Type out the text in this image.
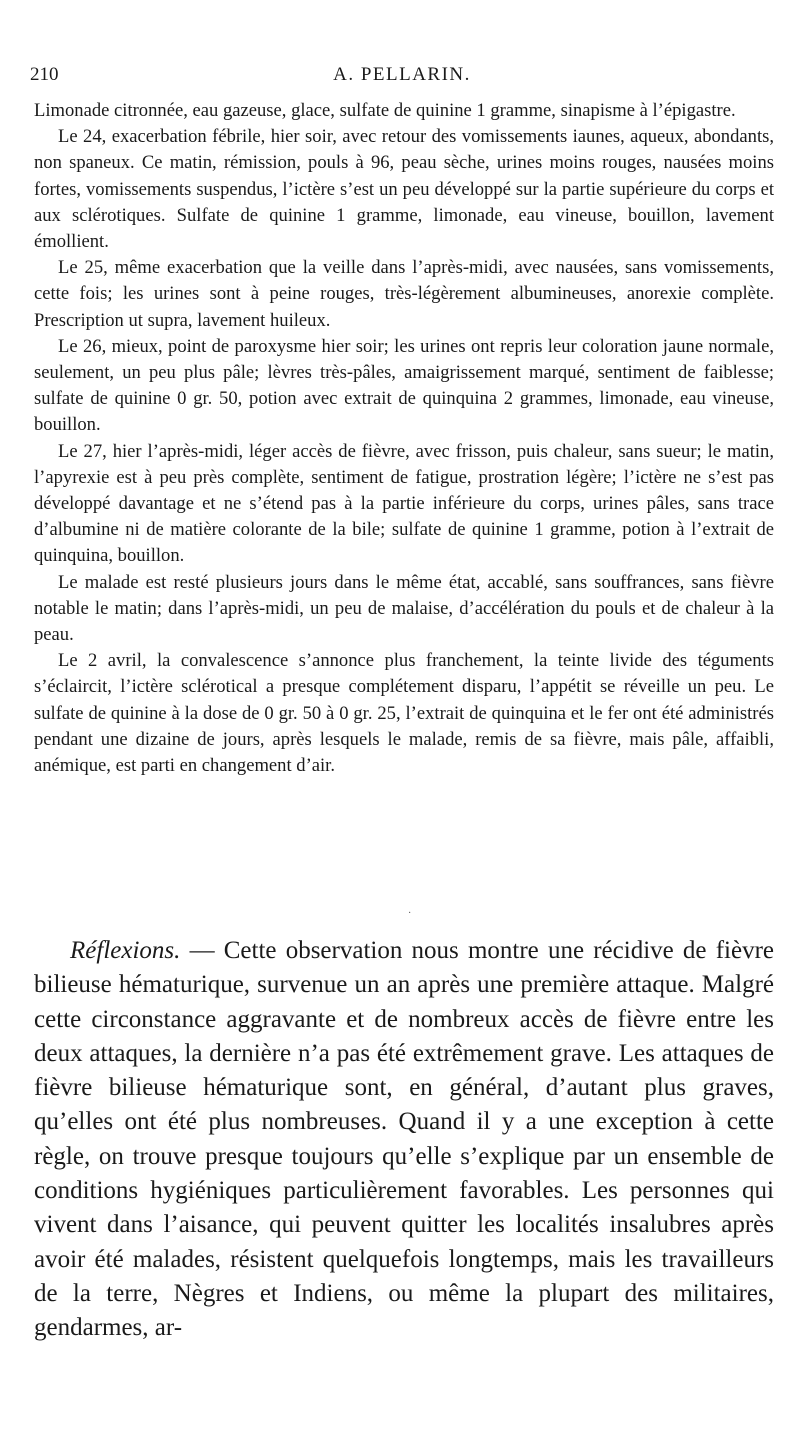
210	A. PELLARIN.

Limonade citronnée, eau gazeuse, glace, sulfate de quinine 1 gramme, sinapisme à l’épigastre.

Le 24, exacerbation fébrile, hier soir, avec retour des vomissements iaunes, aqueux, abondants, non spaneux. Ce matin, rémission, pouls à 96, peau sèche, urines moins rouges, nausées moins fortes, vomissements suspendus, l’ictère s’est un peu développé sur la partie supérieure du corps et aux sclérotiques. Sulfate de quinine 1 gramme, limonade, eau vineuse, bouillon, lavement émollient.

Le 25, même exacerbation que la veille dans l’après-midi, avec nausées, sans vomissements, cette fois; les urines sont à peine rouges, très-légèrement albumineuses, anorexie complète. Prescription ut supra, lavement huileux.

Le 26, mieux, point de paroxysme hier soir; les urines ont repris leur coloration jaune normale, seulement, un peu plus pâle; lèvres très-pâles, amaigrissement marqué, sentiment de faiblesse; sulfate de quinine 0 gr. 50, potion avec extrait de quinquina 2 grammes, limonade, eau vineuse, bouillon.

Le 27, hier l’après-midi, léger accès de fièvre, avec frisson, puis chaleur, sans sueur; le matin, l’apyrexie est à peu près complète, sentiment de fatigue, prostration légère; l’ictère ne s’est pas développé davantage et ne s’étend pas à la partie inférieure du corps, urines pâles, sans trace d’albumine ni de matière colorante de la bile; sulfate de quinine 1 gramme, potion à l’extrait de quinquina, bouillon.

Le malade est resté plusieurs jours dans le même état, accablé, sans souffrances, sans fièvre notable le matin; dans l’après-midi, un peu de malaise, d’accélération du pouls et de chaleur à la peau.

Le 2 avril, la convalescence s’annonce plus franchement, la teinte livide des téguments s’éclaircit, l’ictère sclérotical a presque complétement disparu, l’appétit se réveille un peu. Le sulfate de quinine à la dose de 0 gr. 50 à 0 gr. 25, l’extrait de quinquina et le fer ont été administrés pendant une dizaine de jours, après lesquels le malade, remis de sa fièvre, mais pâle, affaibli, anémique, est parti en changement d’air.

·

Réflexions. — Cette observation nous montre une récidive de fièvre bilieuse hématurique, survenue un an après une première attaque. Malgré cette circonstance aggravante et de nombreux accès de fièvre entre les deux attaques, la dernière n’a pas été extrêmement grave. Les attaques de fièvre bilieuse hématurique sont, en général, d’autant plus graves, qu’elles ont été plus nombreuses. Quand il y a une exception à cette règle, on trouve presque toujours qu’elle s’explique par un ensemble de conditions hygiéniques particulièrement favorables. Les personnes qui vivent dans l’aisance, qui peuvent quitter les localités insalubres après avoir été malades, résistent quelquefois longtemps, mais les travailleurs de la terre, Nègres et Indiens, ou même la plupart des militaires, gendarmes, ar-
